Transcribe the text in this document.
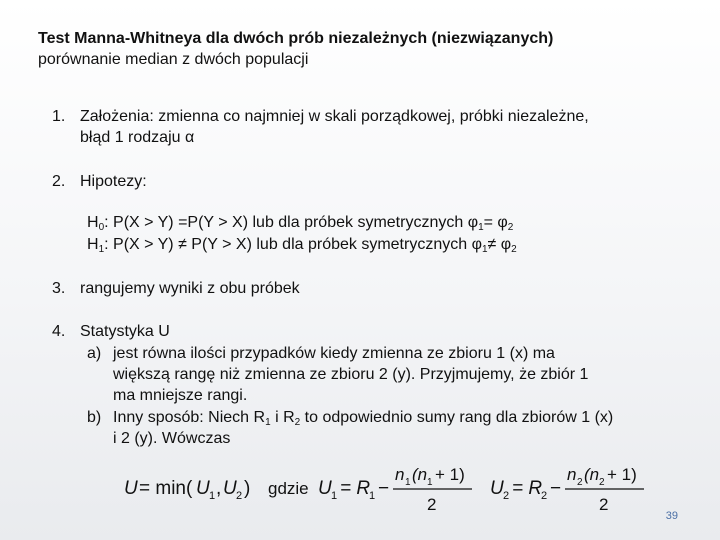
Test Manna-Whitneya dla dwóch prób niezależnych (niezwiązanych)
porównanie median z dwóch populacji
1. Założenia: zmienna co najmniej w skali porządkowej, próbki niezależne,
błąd 1 rodzaju α
2. Hipotezy:
$H_0$: P(X > Y) =P(Y > X) lub dla próbek symetrycznych $\varphi_1= \varphi_2$
$H_1$: P(X > Y) ≠ P(Y > X) lub dla próbek symetrycznych $\varphi_1\ne \varphi_2$
3. rangujemy wyniki z obu próbek
4. Statystyka U
a) jest równa ilości przypadków kiedy zmienna ze zbioru 1 (x) ma
większą rangę niż zmienna ze zbioru 2 (y). Przyjmujemy, że zbiór 1
ma mniejsze rangi.
b) Inny sposób: Niech $R_1$ i $R_2$ to odpowiednio sumy rang dla zbiorów 1 (x)
i 2 (y). Wówczas
U = min( U 1 , U 2 ) gdzie U 1 = R
1 −
n 1 (n 1 + 1)
2
U 2 = R
2 −
n 2 (n 2 + 1)
2
39
